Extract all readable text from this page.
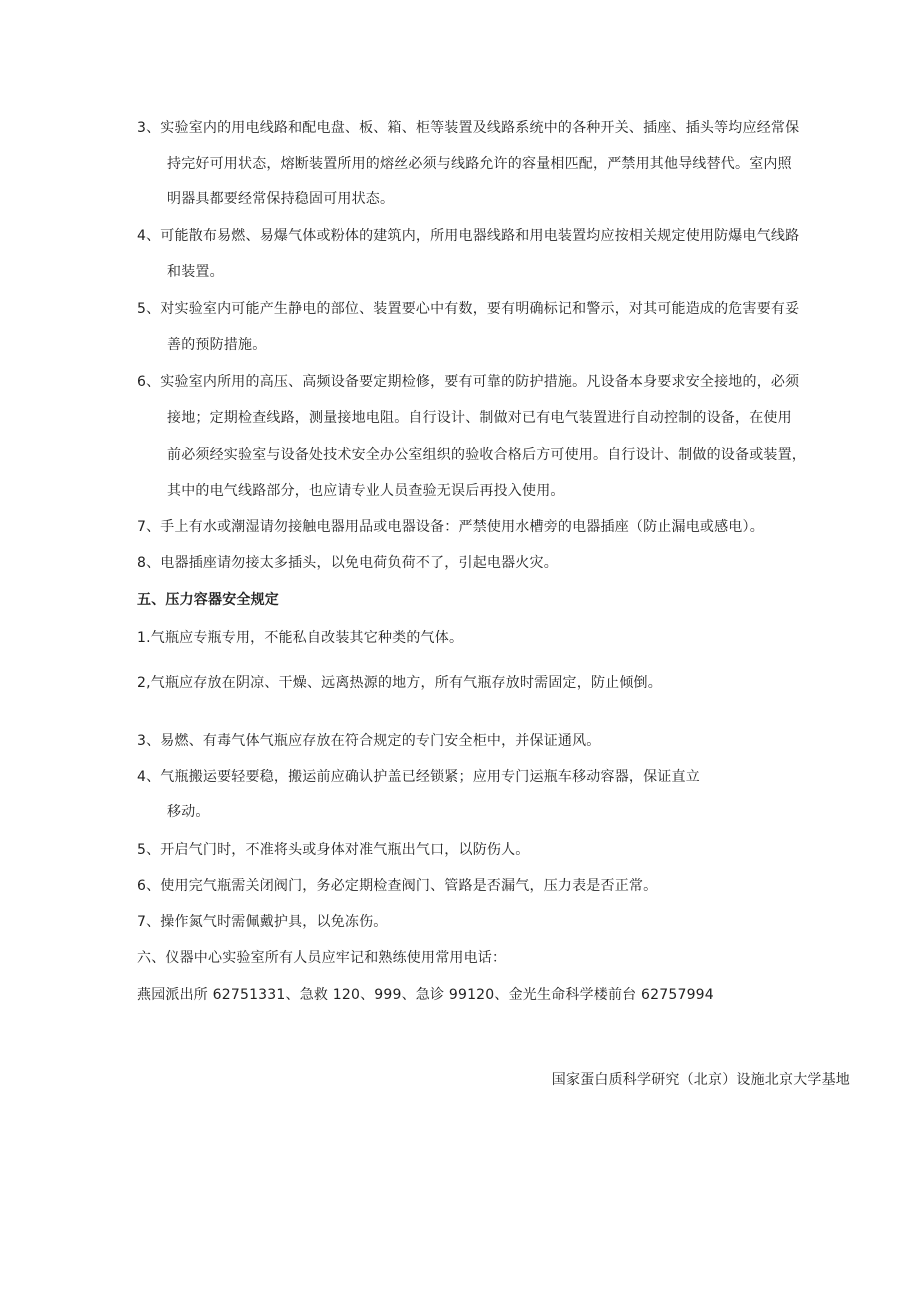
3、实验室内的用电线路和配电盘、板、箱、柜等装置及线路系统中的各种开关、插座、插头等均应经常保
持完好可用状态，熔断装置所用的熔丝必须与线路允许的容量相匹配，严禁用其他导线替代。室内照
明器具都要经常保持稳固可用状态。
4、可能散布易燃、易爆气体或粉体的建筑内，所用电器线路和用电装置均应按相关规定使用防爆电气线路
和装置。
5、对实验室内可能产生静电的部位、装置要心中有数，要有明确标记和警示，对其可能造成的危害要有妥
善的预防措施。
6、实验室内所用的高压、高频设备要定期检修，要有可靠的防护措施。凡设备本身要求安全接地的，必须
接地；定期检查线路，测量接地电阻。自行设计、制做对已有电气装置进行自动控制的设备，在使用
前必须经实验室与设备处技术安全办公室组织的验收合格后方可使用。自行设计、制做的设备或装置，
其中的电气线路部分，也应请专业人员查验无误后再投入使用。
7、手上有水或潮湿请勿接触电器用品或电器设备：严禁使用水槽旁的电器插座（防止漏电或感电）。
8、电器插座请勿接太多插头，以免电荷负荷不了，引起电器火灾。
五、压力容器安全规定
1.气瓶应专瓶专用，不能私自改装其它种类的气体。
2,气瓶应存放在阴凉、干燥、远离热源的地方，所有气瓶存放时需固定，防止倾倒。
3、易燃、有毒气体气瓶应存放在符合规定的专门安全柜中，并保证通风。
4、气瓶搬运要轻要稳，搬运前应确认护盖已经锁紧；应用专门运瓶车移动容器，保证直立
移动。
5、开启气门时，不准将头或身体对准气瓶出气口，以防伤人。
6、使用完气瓶需关闭阀门，务必定期检查阀门、管路是否漏气，压力表是否正常。
7、操作氮气时需佩戴护具，以免冻伤。
六、仪器中心实验室所有人员应牢记和熟练使用常用电话：
燕园派出所 62751331、急救 120、999、急诊 99120、金光生命科学楼前台 62757994
国家蛋白质科学研究（北京）设施北京大学基地
